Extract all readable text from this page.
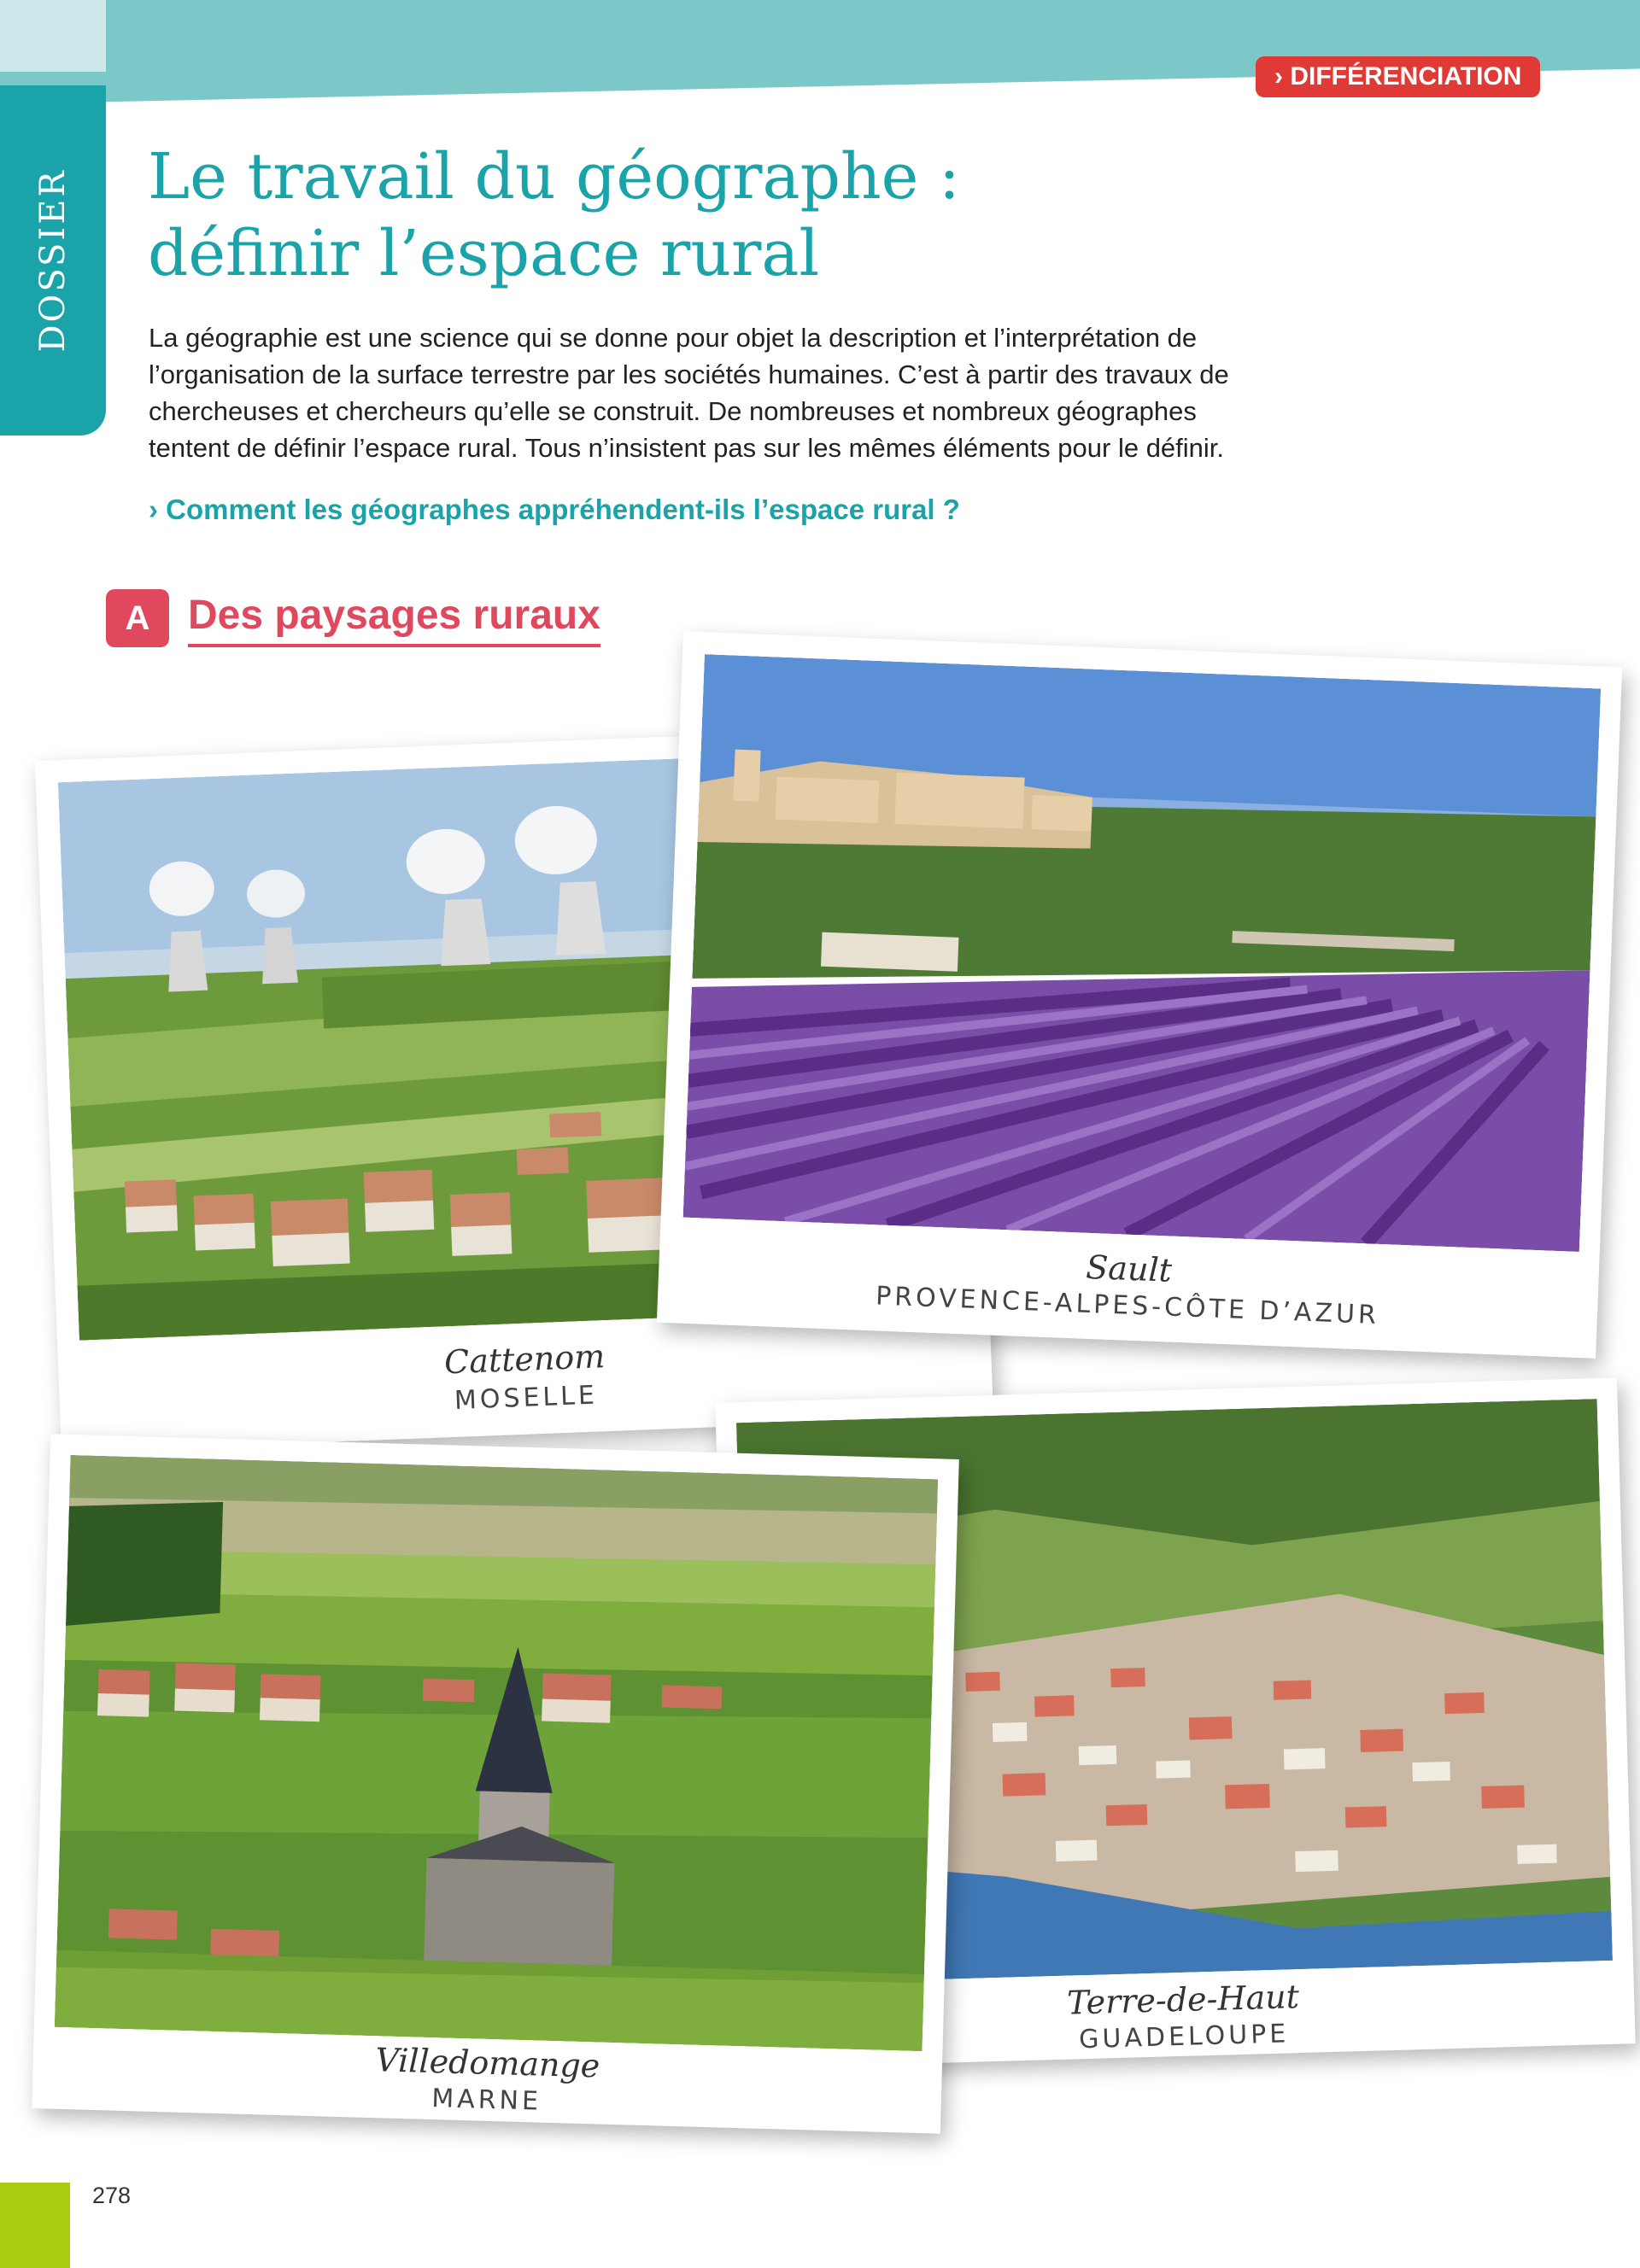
› DIFFÉRENCIATION
DOSSIER Le travail du géographe :
définir l’espace rural

La géographie est une science qui se donne pour objet la description et l’interprétation de l’organisation de la surface terrestre par les sociétés humaines. C’est à partir des travaux de chercheuses et chercheurs qu’elle se construit. De nombreuses et nombreux géographes tentent de définir l’espace rural. Tous n’insistent pas sur les mêmes éléments pour le définir.

› Comment les géographes appréhendent-ils l’espace rural ?
A Des paysages ruraux
Cattenom
MOSELLE
Sault
PROVENCE-ALPES-CÔTE D’AZUR
Terre-de-Haut
GUADELOUPE
Villedomange
MARNE
278
